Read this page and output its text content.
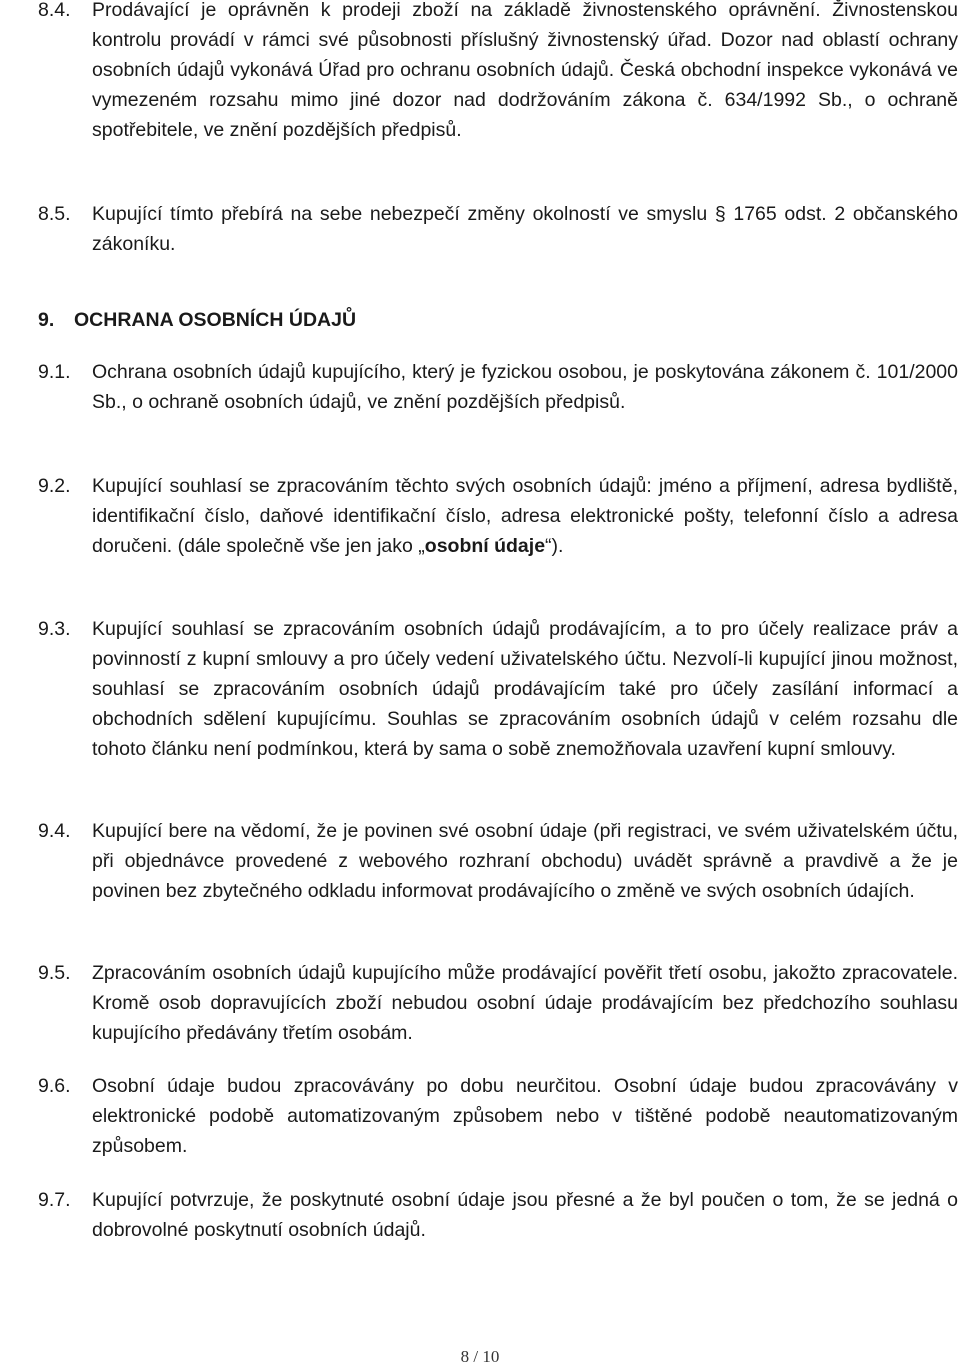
8.4.	Prodávající je oprávněn k prodeji zboží na základě živnostenského oprávnění. Živnostenskou kontrolu provádí v rámci své působnosti příslušný živnostenský úřad. Dozor nad oblastí ochrany osobních údajů vykonává Úřad pro ochranu osobních údajů. Česká obchodní inspekce vykonává ve vymezeném rozsahu mimo jiné dozor nad dodržováním zákona č. 634/1992 Sb., o ochraně spotřebitele, ve znění pozdějších předpisů.
8.5.	Kupující tímto přebírá na sebe nebezpečí změny okolností ve smyslu § 1765 odst. 2 občanského zákoníku.
9.	OCHRANA OSOBNÍCH ÚDAJŮ
9.1.	Ochrana osobních údajů kupujícího, který je fyzickou osobou, je poskytována zákonem č. 101/2000 Sb., o ochraně osobních údajů, ve znění pozdějších předpisů.
9.2.	Kupující souhlasí se zpracováním těchto svých osobních údajů: jméno a příjmení, adresa bydliště, identifikační číslo, daňové identifikační číslo, adresa elektronické pošty, telefonní číslo a adresa doručeni. (dále společně vše jen jako „osobní údaje“).
9.3.	Kupující souhlasí se zpracováním osobních údajů prodávajícím, a to pro účely realizace práv a povinností z kupní smlouvy a pro účely vedení uživatelského účtu. Nezvolí-li kupující jinou možnost, souhlasí se zpracováním osobních údajů prodávajícím také pro účely zasílání informací a obchodních sdělení kupujícímu. Souhlas se zpracováním osobních údajů v celém rozsahu dle tohoto článku není podmínkou, která by sama o sobě znemožňovala uzavření kupní smlouvy.
9.4.	Kupující bere na vědomí, že je povinen své osobní údaje (při registraci, ve svém uživatelském účtu, při objednávce provedené z webového rozhraní obchodu) uvádět správně a pravdivě a že je povinen bez zbytečného odkladu informovat prodávajícího o změně ve svých osobních údajích.
9.5.	Zpracováním osobních údajů kupujícího může prodávající pověřit třetí osobu, jakožto zpracovatele. Kromě osob dopravujících zboží nebudou osobní údaje prodávajícím bez předchozího souhlasu kupujícího předávány třetím osobám.
9.6.	Osobní údaje budou zpracovávány po dobu neurčitou. Osobní údaje budou zpracovávány v elektronické podobě automatizovaným způsobem nebo v tištěné podobě neautomatizovaným způsobem.
9.7.	Kupující potvrzuje, že poskytnuté osobní údaje jsou přesné a že byl poučen o tom, že se jedná o dobrovolné poskytnutí osobních údajů.
8 / 10
